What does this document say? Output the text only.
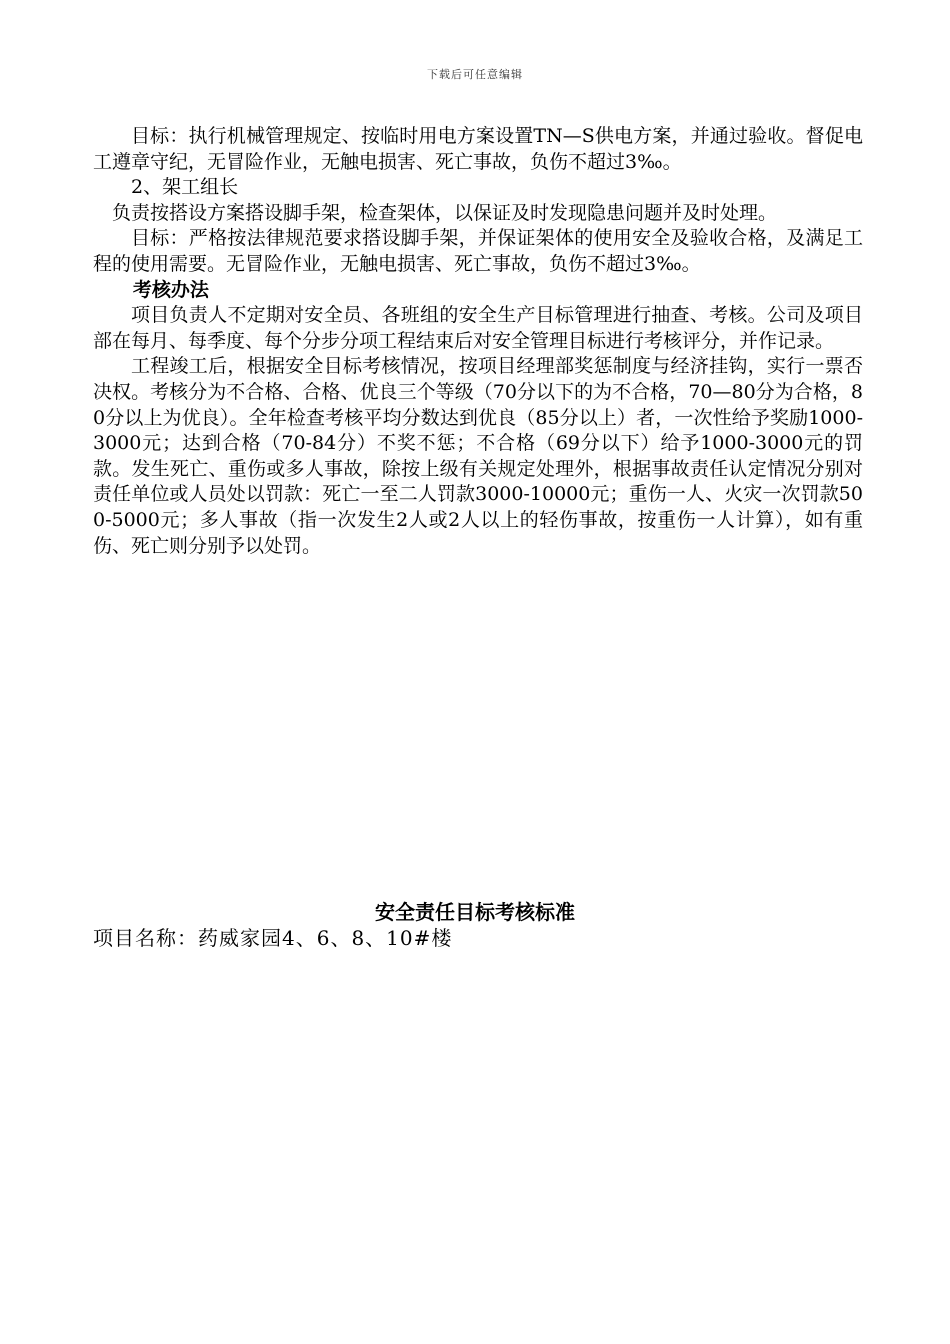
下载后可任意编辑

目标：执行机械管理规定、按临时用电方案设置TN—S供电方案，并通过验收。督促电工遵章守纪，无冒险作业，无触电损害、死亡事故，负伤不超过3‰。

2、架工组长

负责按搭设方案搭设脚手架，检查架体，以保证及时发现隐患问题并及时处理。

目标：严格按法律规范要求搭设脚手架，并保证架体的使用安全及验收合格，及满足工程的使用需要。无冒险作业，无触电损害、死亡事故，负伤不超过3‰。

考核办法

项目负责人不定期对安全员、各班组的安全生产目标管理进行抽查、考核。公司及项目部在每月、每季度、每个分步分项工程结束后对安全管理目标进行考核评分，并作记录。

工程竣工后，根据安全目标考核情况，按项目经理部奖惩制度与经济挂钩，实行一票否决权。考核分为不合格、合格、优良三个等级（70分以下的为不合格，70—80分为合格，80分以上为优良）。全年检查考核平均分数达到优良（85分以上）者，一次性给予奖励1000-3000元；达到合格（70-84分）不奖不惩；不合格（69分以下）给予1000-3000元的罚款。发生死亡、重伤或多人事故，除按上级有关规定处理外，根据事故责任认定情况分别对责任单位或人员处以罚款：死亡一至二人罚款3000-10000元；重伤一人、火灾一次罚款500-5000元；多人事故（指一次发生2人或2人以上的轻伤事故，按重伤一人计算），如有重伤、死亡则分别予以处罚。

安全责任目标考核标准
项目名称：药威家园4、6、8、10#楼
